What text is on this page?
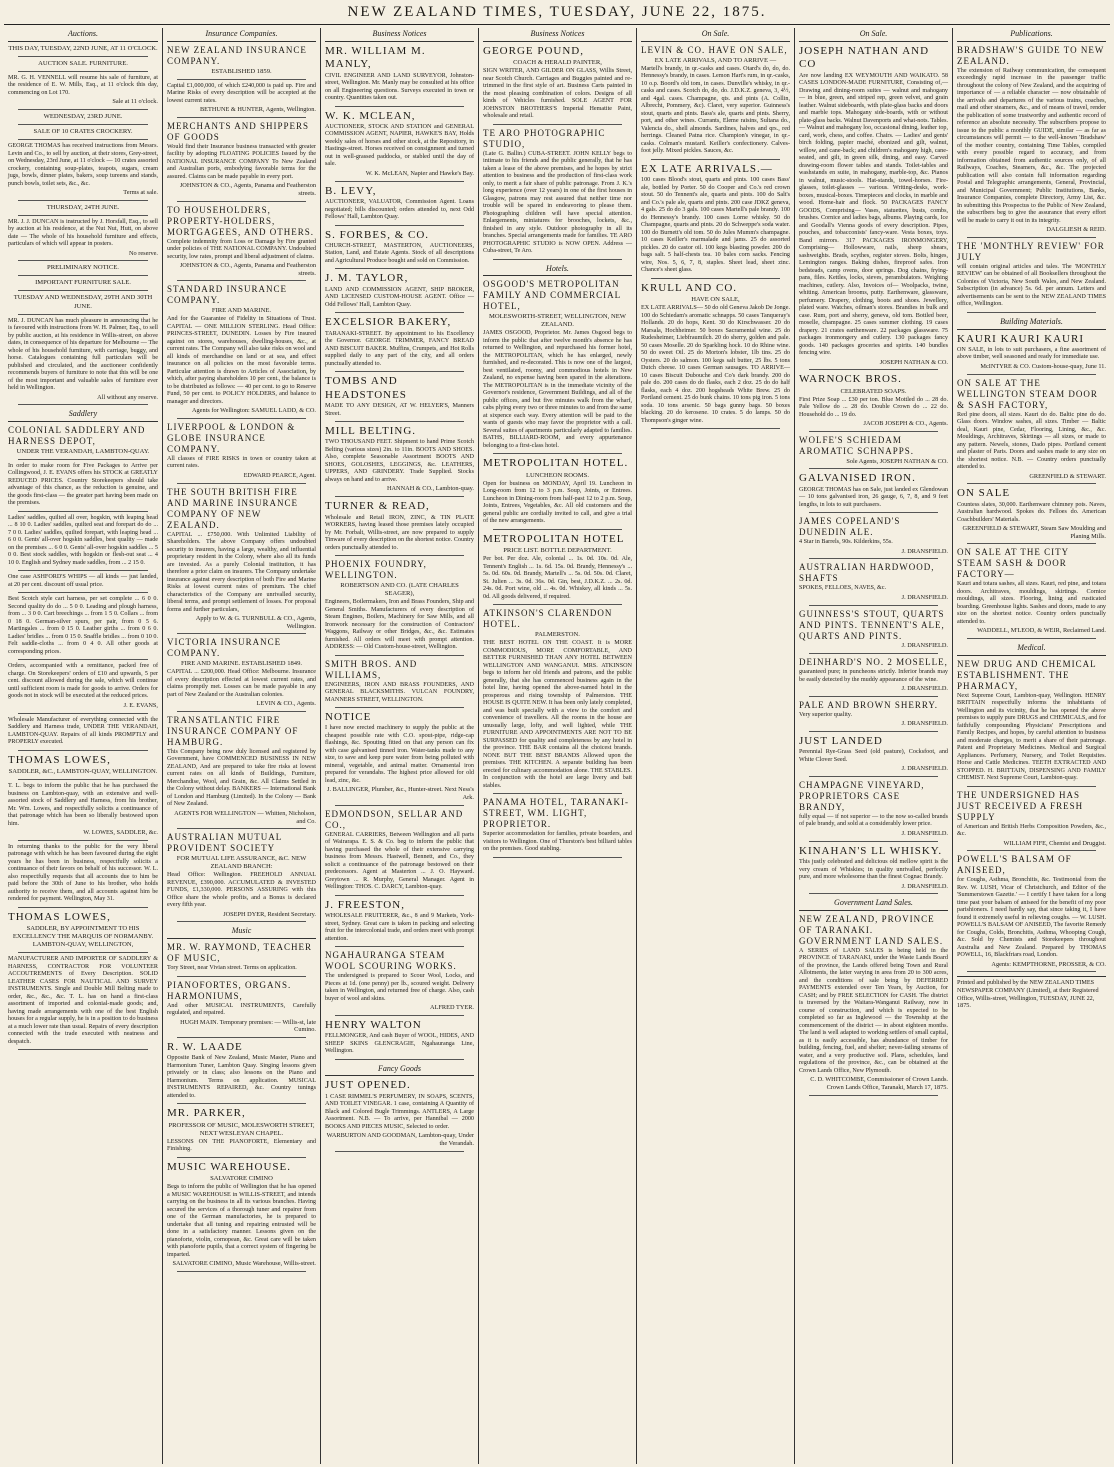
NEW ZEALAND TIMES, TUESDAY, JUNE 22, 1875.
Auctions.
THIS DAY, TUESDAY, 22ND JUNE, AT 11 O'CLOCK.
AUCTION SALE. FURNITURE.
MR. G. H. VENNELL will resume his sale of furniture, at the residence of E. W. Mills, Esq., at 11 o'clock this day, commencing on Lot 170.
Sale at 11 o'clock.
WEDNESDAY, 23RD JUNE.
SALE OF 10 CRATES CROCKERY.
GEORGE THOMAS has received instructions from Messrs. Levin and Co., to sell by auction, at their stores, Grey-street, on Wednesday, 23rd June, at 11 o'clock — 10 crates assorted crockery, containing soup-plates, teapots, sugars, cream jugs, bowls, dinner plates, bakers, soup tureens and stands, punch bowls, toilet sets, &c., &c.
Terms at sale.
THURSDAY, 24TH JUNE.
MR. J. J. DUNCAN is instructed by J. Horsfall, Esq., to sell by auction at his residence, at the Nut Nut, Hutt, on above date — The whole of his household furniture and effects, particulars of which will appear in posters.
No reserve.
PRELIMINARY NOTICE.
IMPORTANT FURNITURE SALE.
TUESDAY AND WEDNESDAY, 29TH AND 30TH JUNE.
MR. J. DUNCAN has much pleasure in announcing that he is favoured with instructions from W. H. Palmer, Esq., to sell by public auction, at his residence in Willis-street, on above dates, in consequence of his departure for Melbourne — The whole of his household furniture, with carriage, buggy, and horse. Catalogues containing full particulars will be published and circulated, and the auctioneer confidently recommends buyers of furniture to note that this will be one of the most important and valuable sales of furniture ever held in Wellington.
All without any reserve.
Saddlery
COLONIAL SADDLERY AND HARNESS DEPOT,
UNDER THE VERANDAH, LAMBTON-QUAY.
In order to make room for Five Packages to Arrive per Collingwood, J. E. EVANS offers his STOCK at GREATLY REDUCED PRICES. Country Storekeepers should take advantage of this chance, as the reduction is genuine, and the goods first-class — the greater part having been made on the premises.
Ladies' saddles, quilted all over, hogskin, with leaping head ... 8 10 0. Ladies' saddles, quilted seat and forepart do do ... 7 0 0. Ladies' saddles, quilted forepart, with leaping head ... 6 0 0. Gents' all-over hogskin saddles, best quality — made on the premises ... 6 0 0. Gents' all-over hogskin saddles ... 5 0 0. Best stock saddles, with hogskin or flesh-out seat ... 4 10 0. English and Sydney made saddles, from ... 2 15 0.
One case ASHFORD'S WHIPS — all kinds — just landed, at 20 per cent. discount off usual price.
Best Scotch style cart harness, per set complete ... 6 0 0. Second quality do do ... 5 0 0. Leading and plough harness, from ... 3 0 0. Cart breechings ... from 1 5 0. Collars ... from 0 18 0. German-silver spurs, per pair, from 0 5 6. Martingales ... from 0 15 0. Leather girths ... from 0 6 0. Ladies' bridles ... from 0 15 0. Snaffle bridles ... from 0 10 0. Felt saddle-cloths ... from 0 4 0. All other goods at corresponding prices.
Orders, accompanied with a remittance, packed free of charge. On Storekeepers' orders of £10 and upwards, 5 per cent. discount allowed during the sale, which will continue until sufficient room is made for goods to arrive. Orders for goods not in stock will be executed at the reduced prices.
J. E. EVANS,
Wholesale Manufacturer of everything connected with the Saddlery and Harness trade, UNDER THE VERANDAH, LAMBTON-QUAY. Repairs of all kinds PROMPTLY and PROPERLY executed.
THOMAS LOWES,
SADDLER, &C., LAMBTON-QUAY, WELLINGTON.
T. L. begs to inform the public that he has purchased the business on Lambton-quay, with an extensive and well-assorted stock of Saddlery and Harness, from his brother, Mr. Wm. Lowes, and respectfully solicits a continuance of that patronage which has been so liberally bestowed upon him.
W. LOWES, SADDLER, &c.
In returning thanks to the public for the very liberal patronage with which he has been favoured during the eight years he has been in business, respectfully solicits a continuance of their favors on behalf of his successor. W. L. also respectfully requests that all accounts due to him be paid before the 30th of June to his brother, who holds authority to receive them, and all accounts against him be rendered for payment. Wellington, May 31.
THOMAS LOWES,
SADDLER, BY APPOINTMENT TO HIS EXCELLENCY THE MARQUIS OF NORMANBY. LAMBTON-QUAY, WELLINGTON,
MANUFACTURER AND IMPORTER OF SADDLERY & HARNESS, CONTRACTOR FOR VOLUNTEER ACCOUTREMENTS of Every Description. SOLID LEATHER CASES FOR NAUTICAL AND SURVEY INSTRUMENTS. Single and Double Mill Belting made to order, &c., &c., &c. T. L. has on hand a first-class assortment of imported and colonial-made goods; and, having made arrangements with one of the best English houses for a regular supply, he is in a position to do business at a much lower rate than usual. Repairs of every description connected with the trade executed with neatness and despatch.
Insurance Companies.
NEW ZEALAND INSURANCE COMPANY.
ESTABLISHED 1859.
Capital £1,000,000, of which £240,000 is paid up. Fire and Marine Risks of every description will be accepted at the lowest current rates.
BETHUNE & HUNTER, Agents, Wellington.
MERCHANTS AND SHIPPERS OF GOODS
Would find their Insurance business transacted with greater facility by adopting FLOATING POLICIES Issued by the NATIONAL INSURANCE COMPANY To New Zealand and Australian ports, embodying favorable terms for the assured. Claims can be made payable in every port.
JOHNSTON & CO., Agents, Panama and Featherston streets.
TO HOUSEHOLDERS, PROPERTY-HOLDERS, MORTGAGEES, AND OTHERS.
Complete indemnity from Loss or Damage by Fire granted under policies of THE NATIONAL COMPANY. Undoubted security, low rates, prompt and liberal adjustment of claims.
JOHNSTON & CO., Agents, Panama and Featherston streets.
STANDARD INSURANCE COMPANY.
FIRE AND MARINE.
And for the Guarantee of Fidelity in Situations of Trust. CAPITAL — ONE MILLION STERLING. Head Office: PRINCES-STREET, DUNEDIN. Losses by Fire insured against on stores, warehouses, dwelling-houses, &c., at current rates. The Company will also take risks on wool and all kinds of merchandise on land or at sea, and effect insurance on all policies on the most favorable terms. Particular attention is drawn to Articles of Association, by which, after paying shareholders 10 per cent., the balance is to be distributed as follows: — 40 per cent. to go to Reserve Fund, 50 per cent. to POLICY HOLDERS, and balance to manager and directors.
Agents for Wellington: SAMUEL LADD, & CO.
LIVERPOOL & LONDON & GLOBE INSURANCE COMPANY.
All classes of FIRE RISKS in town or country taken at current rates.
EDWARD PEARCE, Agent.
THE SOUTH BRITISH FIRE AND MARINE INSURANCE COMPANY OF NEW ZEALAND.
CAPITAL ... £750,000. With Unlimited Liability of Shareholders. The above Company offers undoubted security to insurers, having a large, wealthy, and influential proprietary resident in the Colony, where also all its funds are invested. As a purely Colonial institution, it has therefore a prior claim on insurers. The Company undertake insurance against every description of both Fire and Marine Risks at lowest current rates of premium. The chief characteristics of the Company are unrivalled security, liberal terms, and prompt settlement of losses. For proposal forms and further particulars,
Apply to W. & G. TURNBULL & CO., Agents, Wellington.
VICTORIA INSURANCE COMPANY.
FIRE AND MARINE. ESTABLISHED 1849.
CAPITAL ... £200,000. Head Office: Melbourne. Insurance of every description effected at lowest current rates, and claims promptly met. Losses can be made payable in any part of New Zealand or the Australian colonies.
LEVIN & CO., Agents.
TRANSATLANTIC FIRE INSURANCE COMPANY OF HAMBURG.
This Company being now duly licensed and registered by Government, have COMMENCED BUSINESS IN NEW ZEALAND, And are prepared to take fire risks at lowest current rates on all kinds of Buildings, Furniture, Merchandise, Wool, and Grain, &c. All Claims Settled in the Colony without delay. BANKERS — International Bank of London and Hamburg (Limited). In the Colony — Bank of New Zealand.
AGENTS FOR WELLINGTON — Whitten, Nicholson, and Co.
AUSTRALIAN MUTUAL PROVIDENT SOCIETY
FOR MUTUAL LIFE ASSURANCE, &C. NEW ZEALAND BRANCH:
Head Office: Wellington. FREEHOLD ANNUAL REVENUE, £390,000. ACCUMULATED & INVESTED FUNDS, £1,330,000. PERSONS ASSURING with this Office share the whole profits, and a Bonus is declared every fifth year.
JOSEPH DYER, Resident Secretary.
Music
MR. W. RAYMOND, TEACHER OF MUSIC,
Tory Street, near Vivian street. Terms on application.
PIANOFORTES, ORGANS. HARMONIUMS,
And other MUSICAL INSTRUMENTS, Carefully regulated, and repaired.
HUGH MAIN. Temporary premises: — Willis-st, late Cumino.
R. W. LAADE
Opposite Bank of New Zealand, Music Master, Piano and Harmonium Tuner, Lambton Quay. Singing lessons given privately or in class; also lessons on the Piano and Harmonium. Terms on application. MUSICAL INSTRUMENTS REPAIRED, &c. Country tunings attended to.
MR. PARKER,
PROFESSOR OF MUSIC, MOLESWORTH STREET, NEXT WESLEYAN CHAPEL.
LESSONS ON THE PIANOFORTE, Elementary and Finishing.
MUSIC WAREHOUSE.
SALVATORE CIMINO
Begs to inform the public of Wellington that he has opened a MUSIC WAREHOUSE in WILLIS-STREET, and intends carrying on the business in all its various branches. Having secured the services of a thorough tuner and repairer from one of the German manufactories, he is prepared to undertake that all tuning and repairing entrusted will be done in a satisfactory manner. Lessons given on the pianoforte, violin, cornopean, &c. Great care will be taken with pianoforte pupils, that a correct system of fingering be imparted.
SALVATORE CIMINO, Music Warehouse, Willis-street.
Business Notices
MR. WILLIAM M. MANLY,
CIVIL ENGINEER AND LAND SURVEYOR, Johnston-street, Wellington. Mr. Manly may be consulted at his office on all Engineering questions. Surveys executed in town or country. Quantities taken out.
W. K. MCLEAN,
AUCTIONEER, STOCK AND STATION and GENERAL COMMISSION AGENT, NAPIER, HAWKE'S BAY, Holds weekly sales of horses and other stock, at the Repository, in Hastings-street. Horses received on consignment and turned out in well-grassed paddocks, or stabled until the day of sale.
W. K. McLEAN, Napier and Hawke's Bay.
B. LEVY,
AUCTIONEER, VALUATOR, Commission Agent. Loans negotiated; bills discounted; orders attended to, next Odd Fellows' Hall, Lambton Quay.
S. FORBES, & CO.
CHURCH-STREET, MASTERTON, AUCTIONEERS, Station, Land, and Estate Agents. Stock of all descriptions and Agricultural Produce bought and sold on Commission.
J. M. TAYLOR,
LAND AND COMMISSION AGENT, SHIP BROKER, AND LICENSED CUSTOM-HOUSE AGENT. Office — Odd Fellows' Hall, Lambton Quay.
EXCELSIOR BAKERY,
TARANAKI-STREET. By appointment to his Excellency the Governor. GEORGE TRIMMER, FANCY BREAD AND BISCUIT BAKER. Muffins, Crumpets, and Hot Rolls supplied daily to any part of the city, and all orders punctually attended to.
TOMBS AND HEADSTONES
MADE TO ANY DESIGN, AT W. HELYER'S, Manners Street.
MILL BELTING.
TWO THOUSAND FEET. Shipment to hand Prime Scotch Belting (various sizes) 2in. to 11in. BOOTS AND SHOES. Also, complete Seasonable Assortment BOOTS AND SHOES, GOLOSHES, LEGGINGS, &c. LEATHERS, UPPERS, AND GRINDERY. Trade Supplied. Stocks always on hand and to arrive.
HANNAH & CO., Lambton-quay.
TURNER & READ,
Wholesale and Retail IRON, ZINC, & TIN PLATE WORKERS, having leased those premises lately occupied by Mr. Forbalt, Willis-street, are now prepared to supply Tinware of every description on the shortest notice. Country orders punctually attended to.
PHOENIX FOUNDRY, WELLINGTON.
ROBERTSON AND CO. (LATE CHARLES SEAGER),
Engineers, Boilermakers, Iron and Brass Founders, Ship and General Smiths. Manufacturers of every description of Steam Engines, Boilers, Machinery for Saw Mills, and all Ironwork necessary for the construction of Contractors' Waggons, Railway or other Bridges, &c., &c. Estimates furnished. All orders will meet with prompt attention. ADDRESS: — Old Custom-house-street, Wellington.
SMITH BROS. AND WILLIAMS,
ENGINEERS, IRON AND BRASS FOUNDERS, AND GENERAL BLACKSMITHS. VULCAN FOUNDRY, MANNERS STREET, WELLINGTON.
NOTICE
I have now erected machinery to supply the public at the cheapest possible rate with C.O. spout-pipe, ridge-cap flashings, &c. Spouting fitted on that any person can fix with case galvanised tinned iron. Water-tanks made to any size, to save and keep pure water from being polluted with mineral, vegetable, and animal matter. Ornamental iron prepared for verandahs. The highest price allowed for old lead, zinc, &c.
J. BALLINGER, Plumber, &c., Hunter-street. Next Ness's Ark.
EDMONDSON, SELLAR AND CO.,
GENERAL CARRIERS, Between Wellington and all parts of Wairarapa. E. S. & Co. beg to inform the public that having purchased the whole of their extensive carrying business from Messrs. Hastwell, Bennett, and Co., they solicit a continuance of the patronage bestowed on their predecessors. Agent at Masterton ... J. O. Hayward. Greytown ... R. Murphy, General Manager. Agent in Wellington: THOS. C. DARCY, Lambton-quay.
J. FREESTON,
WHOLESALE FRUITERER, &c., 8 and 9 Markets, York-street, Sydney. Great care is taken in packing and selecting fruit for the intercolonial trade, and orders meet with prompt attention.
NGAHAURANGA STEAM WOOL SCOURING WORKS.
The undersigned is prepared to Scour Wool, Locks, and Pieces at 1d. (one penny) per lb., scoured weight. Delivery taken in Wellington, and returned free of charge. Also, cash buyer of wool and skins.
ALFRED TYER.
HENRY WALTON
FELLMONGER, And cash Buyer of WOOL, HIDES, AND SHEEP SKINS GLENCRAGIE, Ngahauranga Line, Wellington.
Fancy Goods
JUST OPENED.
1 CASE RIMMEL'S PERFUMERY, IN SOAPS, SCENTS, AND TOILET VINEGAR. 1 case, containing A Quantity of Black and Colored Bugle Trimmings. ANTLERS, A Large Assortment. N.B. — To arrive, per Hannibal — 2000 BOOKS AND PIECES MUSIC, Selected to order.
WARBURTON AND GOODMAN, Lambton-quay, Under the Verandah.
Business Notices
GEORGE POUND,
COACH & HERALD PAINTER,
SIGN WRITER, AND GILDER ON GLASS, Willis Street, near Scotch Church. Carriages and Buggies painted and re-trimmed in the first style of art. Business Carts painted in the most pleasing combination of colors. Designs of all kinds of Vehicles furnished. SOLE AGENT FOR JOHNSTON BROTHERS'S Imperial Hematite Paint, wholesale and retail.
TE ARO PHOTOGRAPHIC STUDIO,
(Late G. Ballin.) CUBA-STREET. JOHN KELLY begs to intimate to his friends and the public generally, that he has taken a lease of the above premises, and he hopes by strict attention to business and the production of first-class work only, to merit a fair share of public patronage. From J. K.'s long experience (over 12 years) in one of the first houses in Glasgow, patrons may rest assured that neither time nor trouble will be spared in endeavoring to please them. Photographing children will have special attention. Enlargements, miniatures for brooches, lockets, &c., finished in any style. Outdoor photography in all its branches. Special arrangements made for families. TE ARO PHOTOGRAPHIC STUDIO is NOW OPEN. Address — Cuba-street, Te Aro.
Hotels.
OSGOOD'S METROPOLITAN FAMILY AND COMMERCIAL HOTEL,
MOLESWORTH-STREET, WELLINGTON, NEW ZEALAND.
JAMES OSGOOD, Proprietor. Mr. James Osgood begs to inform the public that after twelve month's absence he has returned to Wellington, and repurchased his former hotel, the METROPOLITAN, which he has enlarged, newly furnished, and re-decorated. This is now one of the largest, best ventilated, roomy, and commodious hotels in New Zealand, no expense having been spared in the alterations. The METROPOLITAN is in the immediate vicinity of the Governor's residence, Government Buildings, and all of the public offices, and but five minutes walk from the wharf, cabs plying every two or three minutes to and from the same at sixpence each way. Every attention will be paid to the wants of guests who may favor the proprietor with a call. Several suites of apartments particularly adapted to families. BATHS, BILLIARD-ROOM, and every appurtenance belonging to a first-class hotel.
METROPOLITAN HOTEL.
LUNCHEON ROOMS.
Open for business on MONDAY, April 19. Luncheon in Long-room from 12 to 3 p.m. Soup, Joints, or Entrees. Luncheon in Dining-room from half-past 12 to 2 p.m. Soup, Joints, Entrees, Vegetables, &c. All old customers and the general public are cordially invited to call, and give a trial of the new arrangements.
METROPOLITAN HOTEL
PRICE LIST. BOTTLE DEPARTMENT.
Per bot. Per doz. Ale, colonial ... 1s. 0d. 10s. 0d. Ale, Tennent's English ... 1s. 6d. 15s. 0d. Brandy, Hennessy's ... 5s. 0d. 60s. 0d. Brandy, Martell's ... 5s. 0d. 50s. 0d. Claret, St. Julien ... 3s. 0d. 36s. 0d. Gin, best, J.D.K.Z. ... 2s. 0d. 24s. 0d. Port wine, old ... 4s. 0d. Whiskey, all kinds ... 5s. 0d. All goods delivered, if required.
ATKINSON'S CLARENDON HOTEL.
PALMERSTON.
THE BEST HOTEL ON THE COAST. It is MORE COMMODIOUS, MORE COMFORTABLE, AND BETTER FURNISHED THAN ANY HOTEL BETWEEN WELLINGTON AND WANGANUI. MRS. ATKINSON begs to inform her old friends and patrons, and the public generally, that she has commenced business again in the hotel line, having opened the above-named hotel in the prosperous and rising township of Palmerston. THE HOUSE IS QUITE NEW. It has been only lately completed, and was built specially with a view to the comfort and convenience of travellers. All the rooms in the house are unusually large, lofty, and well lighted, while THE FURNITURE AND APPOINTMENTS ARE NOT TO BE SURPASSED for quality and completeness by any hotel in the province. THE BAR contains all the choicest brands. NONE BUT THE BEST BRANDS Allowed upon the premises. THE KITCHEN. A separate building has been erected for culinary accommodation alone. THE STABLES. In conjunction with the hotel are large livery and bait stables.
PANAMA HOTEL, TARANAKI-STREET, WM. LIGHT, PROPRIETOR.
Superior accommodation for families, private boarders, and visitors to Wellington. One of Thurston's best billiard tables on the premises. Good stabling.
On Sale.
LEVIN & CO. HAVE ON SALE,
EX LATE ARRIVALS, AND TO ARRIVE —
Martell's brandy, in qr.-casks and cases. Otard's do, do, do. Hennessy's brandy, in cases. Lemon Hart's rum, in qr.-casks, 10 o.p. Boord's old tom, in cases. Dunville's whisky, in qr.-casks and cases. Scotch do, do, do. J.D.K.Z. geneva, 3, 4½, and 4gal. cases. Champagne, qts. and pints (A. Collin, Albrecht, Pommery, &c). Claret, very superior. Guinness's stout, quarts and pints. Bass's ale, quarts and pints. Sherry, port, and other wines. Currants, Eleme raisins, Sultana do., Valencia do., shell almonds. Sardines, halves and qrs., red herrings. Cleaned Patna rice. Champion's vinegar, in qr.-casks. Colman's mustard. Keiller's confectionery. Calves-foot jelly. Mixed pickles. Sauces, &c.
EX LATE ARRIVALS.—
100 cases Blood's stout, quarts and pints. 100 cases Bass' ale, bottled by Porter. 50 do Cooper and Co.'s red crown stout. 50 do Tennent's ale, quarts and pints. 100 do Salt's and Co.'s pale ale, quarts and pints. 200 case JDKZ geneva, 4 gals. 25 do do 3 gals. 100 cases Martell's pale brandy. 100 do Hennessy's brandy. 100 cases Lorne whisky. 50 do Champagne, quarts and pints. 20 do Schweppe's soda water. 100 do Burnett's old tom. 50 do Jules Mumm's champagne. 10 cases Keiller's marmalade and jams. 25 do assorted pickles. 20 do castor oil. 100 kegs blasting powder. 200 do bags salt. 5 half-chests tea. 10 bales corn sacks. Fencing wire, Nos. 5, 6, 7, 8, staples. Sheet lead, sheet zinc. Chance's sheet glass.
KRULL AND CO.
HAVE ON SALE,
EX LATE ARRIVALS— 50 do old Geneva Jakob De Jonge. 100 do Schiedam's aromatic schnapps. 50 cases Tanqueray's Hollands. 20 do hops, Kent. 30 do Kirschwasser. 20 do Marsala, Hochheimer. 50 boxes Sacramental wine. 25 do Rudesheimer, Liebfraumilch. 20 do sherry, golden and pale. 50 cases Moselle. 20 do Sparkling hock. 10 do Rhine wine. 50 do sweet Oil. 25 do Morton's lobster, 1lb tins. 25 do Oysters. 20 do salmon. 100 kegs salt butter, 25 lbs. 5 tons Dutch cheese. 10 cases German sausages. TO ARRIVE— 10 cases Biscuit Dubouche and Co's dark brandy. 200 do pale do. 200 cases do do flasks, each 2 doz. 25 do do half flasks, each 4 doz. 200 hogsheads White Brew. 25 do Portland cement. 25 do bunk chains. 10 tons pig iron. 5 tons soda. 10 tons arsenic. 50 bags gunny bags. 50 boxes blacking. 20 do kerosene. 10 crates. 5 do lamps. 50 do Thompson's ginger wine.
On Sale.
JOSEPH NATHAN AND CO
Are now landing EX WEYMOUTH AND WAIKATO. 58 CASES LONDON-MADE FURNITURE, Consisting of,— Drawing and dining-room suites — walnut and mahogany — in blue, green, and striped rep, green velvet, and grain leather. Walnut sideboards, with plate-glass backs and doors and marble tops. Mahogany side-boards, with or without plate-glass backs. Walnut Davenports and what-nots. Tables. — Walnut and mahogany loo, occasional dining, leather top, card, work, chess, and coffee. Chairs. — Ladies' and gents' birch folding, papier maché, ebonized and gilt, walnut, willow, and cane-back; and children's mahogany high, cane-seated, and gilt, in green silk, dining, and easy. Carved drawing-room flower tables and stands. Toilet-tables and washstands en suite, in mahogany, marble-top, &c. Pianos in walnut, music-stools. Hat-stands, towel-horses. Fire-glasses, toilet-glasses — various. Writing-desks, work-boxes, musical-boxes. Timepieces and clocks, in marble and wood. Home-hair and flock. 50 PACKAGES FANCY GOODS, Comprising— Vases, statuettes, busts, combs, brushes. Cornice and ladies bags, albums. Playing cards, Ice and Goodall's Vienna goods of every description. Pipes, pouches, and tobacconists' fancy-ware. Vesta boxes, toys. Band mirrors. 317 PACKAGES IRONMONGERY, Comprising— Hollowware, nails, sheep shears, sashweights. Brads, scythes, register stoves. Bolts, hinges, Lemington ranges. Baking dishes, fireproof safes. Iron bedsteads, camp ovens, door springs. Dog chains, frying-pans, files. Kettles, locks, sieves, perambulators. Weighing machines, cutlery. Also, Invoices of— Woolpacks, twine, whiting. American brooms, putty. Earthenware, glassware, perfumery. Drapery, clothing, boots and shoes. Jewellery, plated ware. Watches, oilman's stores. Brandies in bulk and case. Rum, port and sherry, geneva, old tom. Bottled beer, moselle, champagne. 25 cases summer clothing. 19 cases drapery. 21 crates earthenware. 22 packages glassware. 75 packages ironmongery and cutlery. 130 packages fancy goods. 140 packages groceries and spirits. 140 bundles fencing wire.
JOSEPH NATHAN & CO.
WARNOCK BROS.
CELEBRATED SOAPS.
First Prize Soap ... £30 per ton. Blue Mottled do ... 28 do. Pale Yellow do ... 28 do. Double Crown do ... 22 do. Household do ... 19 do.
JACOB JOSEPH & CO., Agents.
WOLFE'S SCHIEDAM AROMATIC SCHNAPPS.
Sole Agents, JOSEPH NATHAN & CO.
GALVANISED IRON.
GEORGE THOMAS has on Sale, just landed ex Glendowan — 10 tons galvanised iron, 26 gauge, 6, 7, 8, and 9 feet lengths, in lots to suit purchasers.
JAMES COPELAND'S DUNEDIN ALE.
4 Star in Barrels, 90s. Kilderkins, 55s.
J. DRANSFIELD.
AUSTRALIAN HARDWOOD, SHAFTS
SPOKES, FELLOES, NAVES, &c.
J. DRANSFIELD.
GUINNESS'S STOUT, QUARTS AND PINTS. TENNENT'S ALE, QUARTS AND PINTS.
J. DRANSFIELD.
DEINHARD'S NO. 2 MOSELLE,
guaranteed pure; in puncheons strictly. Inferior brands may be easily detected by the muddy appearance of the wine.
J. DRANSFIELD.
PALE AND BROWN SHERRY.
Very superior quality.
J. DRANSFIELD.
JUST LANDED
Perennial Rye-Grass Seed (old pasture), Cocksfoot, and White Clover Seed.
J. DRANSFIELD.
CHAMPAGNE VINEYARD, PROPRIETORS CASE BRANDY,
fully equal — if not superior — to the now so-called brands of pale brandy, and sold at a considerably lower price.
J. DRANSFIELD.
KINAHAN'S LL WHISKY.
This justly celebrated and delicious old mellow spirit is the very cream of Whiskies; in quality unrivalled, perfectly pure, and more wholesome than the finest Cognac Brandy.
J. DRANSFIELD.
Government Land Sales.
NEW ZEALAND, PROVINCE OF TARANAKI. GOVERNMENT LAND SALES.
A SERIES of LAND SALES is being held in the PROVINCE of TARANAKI, under the Waste Lands Board of the province, the Lands offered being Town and Rural Allotments, the latter varying in area from 20 to 300 acres, and the conditions of sale being by DEFERRED PAYMENTS extended over Ten Years, by Auction, for CASH; and by FREE SELECTION for CASH. The district is traversed by the Waitara-Wanganui Railway, now in course of construction, and which is expected to be completed so far as Inglewood — the Township at the commencement of the district — in about eighteen months. The land is well adapted to working settlers of small capital, as it is easily accessible, has abundance of timber for building, fencing, fuel, and shelter; never-failing streams of water, and a very productive soil. Plans, schedules, land regulations of the province, &c., can be obtained at the Crown Lands Office, New Plymouth.
C. D. WHITCOMBE, Commissioner of Crown Lands. Crown Lands Office, Taranaki, March 17, 1875.
Publications.
BRADSHAW'S GUIDE TO NEW ZEALAND.
The extension of Railway communication, the consequent exceedingly rapid increase in the passenger traffic throughout the colony of New Zealand, and the acquiring of importance of — a reliable character — now obtainable of the arrivals and departures of the various trains, coaches, mail and other steamers, &c., and of means of travel, render the publication of some trustworthy and authentic record of reference an absolute necessity. The subscribers propose to issue to the public a monthly GUIDE, similar — as far as circumstances will permit — to the well-known 'Bradshaw' of the mother country, containing Time Tables, compiled with every possible regard to accuracy, and from information obtained from authentic sources only, of all Railways, Coaches, Steamers, &c., &c. The projected publication will also contain full information regarding Postal and Telegraphic arrangements, General, Provincial, and Municipal Government; Public Institutions, Banks, Insurance Companies, complete Directory, Army List, &c. In submitting this Prospectus to the Public of New Zealand, the subscribers beg to give the assurance that every effort will be made to carry it out in its integrity.
DALGLIESH & REID.
THE 'MONTHLY REVIEW' FOR JULY
will contain original articles and tales. The 'MONTHLY REVIEW' can be obtained of all Booksellers throughout the Colonies of Victoria, New South Wales, and New Zealand. Subscription (in advance) 5s. 6d. per annum. Letters and advertisements can be sent to the NEW ZEALAND TIMES office, Wellington.
Building Materials.
KAURI KAURI KAURI
ON SALE, in lots to suit purchasers, a fine assortment of above timber, well seasoned and ready for immediate use.
McINTYRE & CO. Custom-house-quay, June 11.
ON SALE AT THE WELLINGTON STEAM DOOR & SASH FACTORY,
Red pine doors, all sizes. Kauri do do. Baltic pine do do. Glass doors. Window sashes, all sizes. Timber — Baltic deal, Kauri pine, Cedar, Flooring, Lining, &c., &c. Mouldings, Architraves, Skirtings — all sizes, or made to any pattern. Newels, stones, Dado pipes. Portland cement and plaster of Paris. Doors and sashes made to any size on the shortest notice. N.B. — Country orders punctually attended to.
GREENFIELD & STEWART.
ON SALE
Countess slates, 30,000. Earthenware chimney pots. Naves, Australian hardwood. Spokes do. Felloes do. American Coachbuilders' Materials.
GREENFIELD & STEWART, Steam Saw Moulding and Planing Mills.
ON SALE AT THE CITY STEAM SASH & DOOR FACTORY—
Kauri and totara sashes, all sizes. Kauri, red pine, and totara doors. Architraves, mouldings, skirtings. Cornice mouldings, all sizes. Flooring, lining and rusticated boarding. Greenhouse lights. Sashes and doors, made to any size on the shortest notice. Country orders punctually attended to.
WADDELL, M'LEOD, & WEIR, Reclaimed Land.
Medical.
NEW DRUG AND CHEMICAL ESTABLISHMENT. THE PHARMACY,
Next Supreme Court, Lambton-quay, Wellington. HENRY BRITTAIN respectfully informs the inhabitants of Wellington and its vicinity, that he has opened the above premises to supply pure DRUGS and CHEMICALS, and for faithfully compounding Physicians' Prescriptions and Family Recipes, and hopes, by careful attention to business and moderate charges, to merit a share of their patronage. Patent and Proprietary Medicines. Medical and Surgical Appliances. Perfumery, Nursery, and Toilet Requisites. Horse and Cattle Medicines. TEETH EXTRACTED AND STOPPED. H. BRITTAIN, DISPENSING AND FAMILY CHEMIST. Next Supreme Court, Lambton-quay.
THE UNDERSIGNED HAS JUST RECEIVED A FRESH SUPPLY
of American and British Herbs Composition Powders, &c., &c.
WILLIAM FIFE, Chemist and Druggist.
POWELL'S BALSAM OF ANISEED,
for Coughs, Asthma, Bronchitis, &c. Testimonial from the Rev. W. LUSH, Vicar of Christchurch, and Editor of the 'Summerstown Gazette.' — I certify I have taken for a long time past your balsam of aniseed for the benefit of my poor parishioners. I need hardly say, that since taking it, I have found it extremely useful in relieving coughs. — W. LUSH. POWELL'S BALSAM OF ANISEED, The favorite Remedy for Coughs, Colds, Bronchitis, Asthma, Whooping Cough, &c. Sold by Chemists and Storekeepers throughout Australia and New Zealand. Prepared by THOMAS POWELL, 16, Blackfriars road, London.
Agents: KEMPTHORNE, PROSSER, & CO.
Printed and published by the NEW ZEALAND TIMES NEWSPAPER COMPANY (Limited), at their Registered Office, Willis-street, Wellington, TUESDAY, JUNE 22, 1875.
